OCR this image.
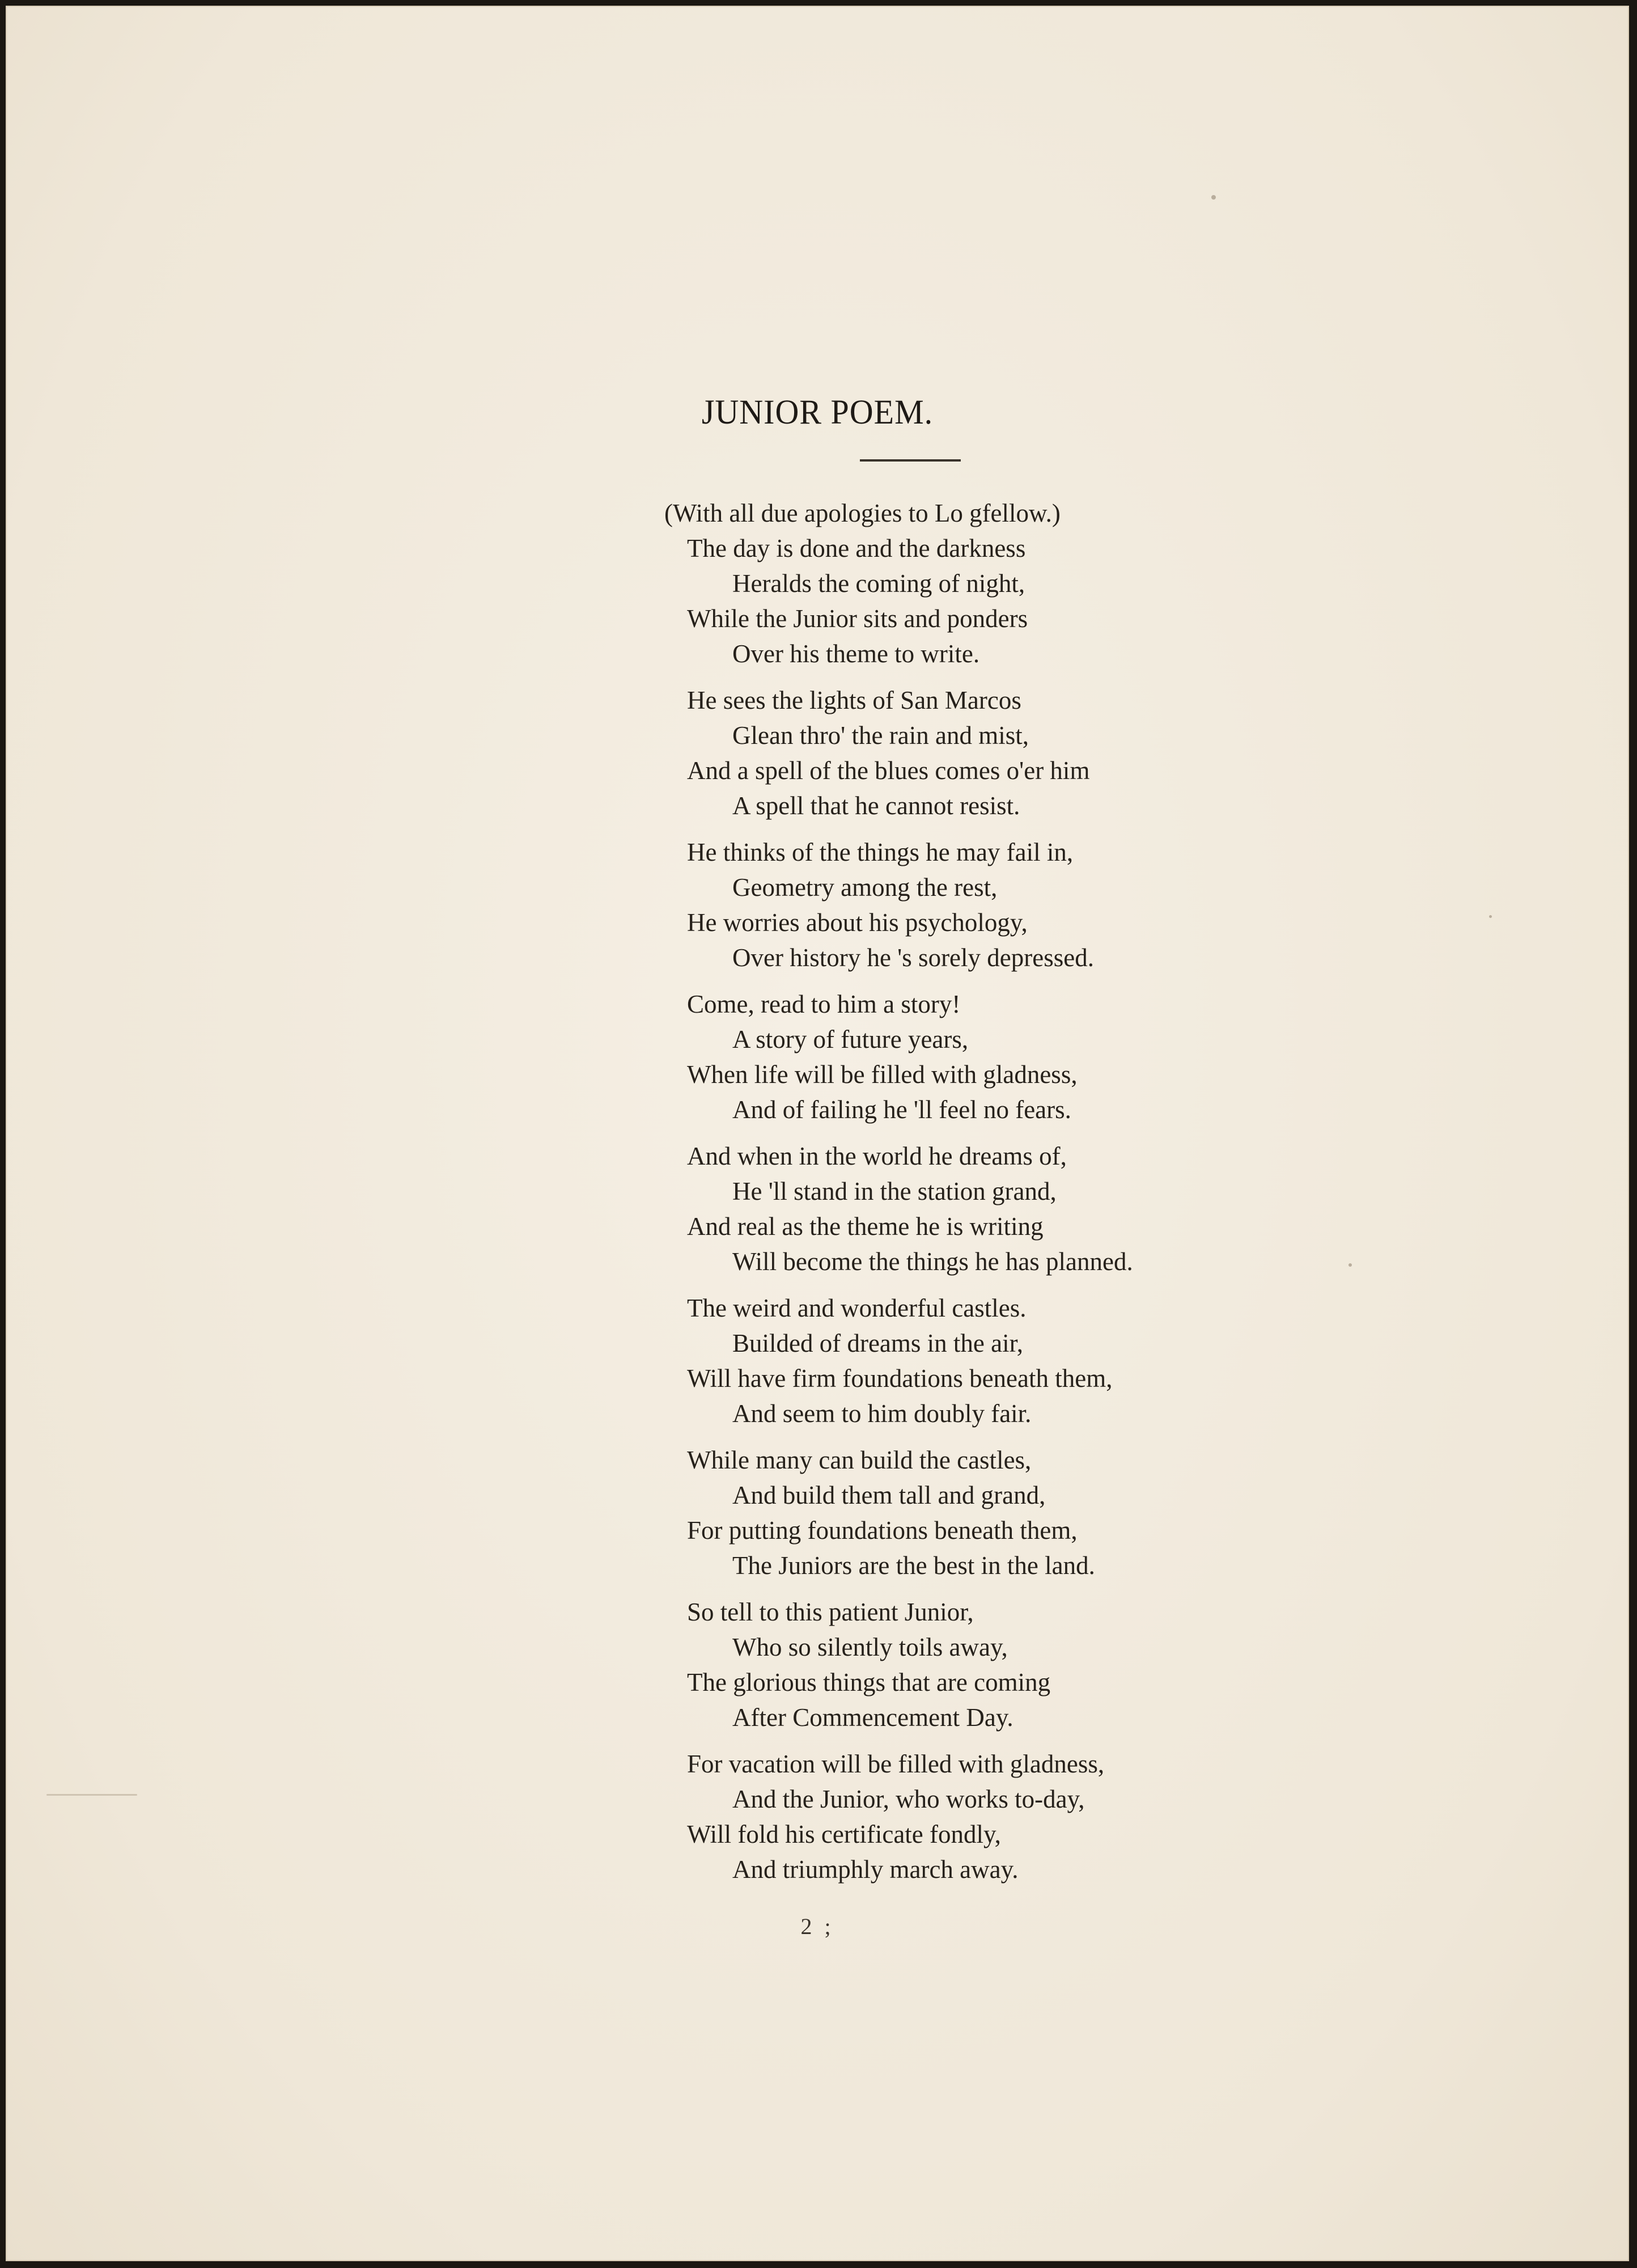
JUNIOR POEM.

(With all due apologies to Lo gfellow.)

The day is done and the darkness
Heralds the coming of night,
While the Junior sits and ponders
Over his theme to write.
He sees the lights of San Marcos
Glean thro' the rain and mist,
And a spell of the blues comes o'er him
A spell that he cannot resist.
He thinks of the things he may fail in,
Geometry among the rest,
He worries about his psychology,
Over history he 's sorely depressed.
Come, read to him a story!
A story of future years,
When life will be filled with gladness,
And of failing he 'll feel no fears.
And when in the world he dreams of,
He 'll stand in the station grand,
And real as the theme he is writing
Will become the things he has planned.
The weird and wonderful castles.
Builded of dreams in the air,
Will have firm foundations beneath them,
And seem to him doubly fair.
While many can build the castles,
And build them tall and grand,
For putting foundations beneath them,
The Juniors are the best in the land.
So tell to this patient Junior,
Who so silently toils away,
The glorious things that are coming
After Commencement Day.
For vacation will be filled with gladness,
And the Junior, who works to-day,
Will fold his certificate fondly,
And triumphly march away.
2 ;
